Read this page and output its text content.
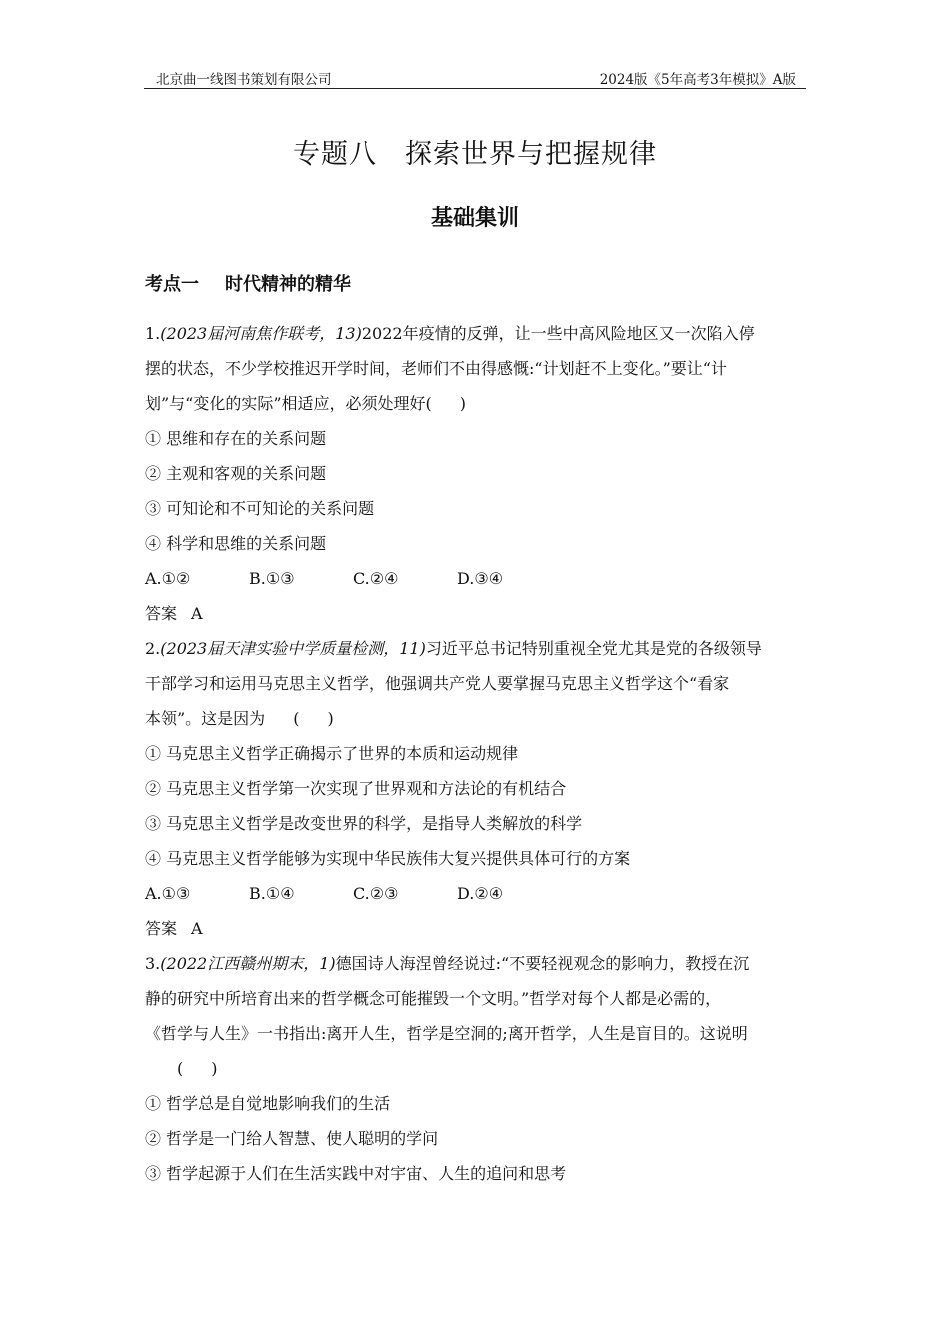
北京曲一线图书策划有限公司	2024版《5年高考3年模拟》A版
专题八　探索世界与把握规律
基础集训
考点一 时代精神的精华
1.(2023届河南焦作联考，13)2022年疫情的反弹，让一些中高风险地区又一次陷入停
摆的状态，不少学校推迟开学时间，老师们不由得感慨:“计划赶不上变化。”要让“计
划”与“变化的实际”相适应，必须处理好( )
① 思维和存在的关系问题
② 主观和客观的关系问题
③ 可知论和不可知论的关系问题
④ 科学和思维的关系问题
A.①②	B.①③	C.②④	D.③④
答案 A
2.(2023届天津实验中学质量检测，11)习近平总书记特别重视全党尤其是党的各级领导
干部学习和运用马克思主义哲学，他强调共产党人要掌握马克思主义哲学这个“看家
本领”。这是因为 ( )
① 马克思主义哲学正确揭示了世界的本质和运动规律
② 马克思主义哲学第一次实现了世界观和方法论的有机结合
③ 马克思主义哲学是改变世界的科学，是指导人类解放的科学
④ 马克思主义哲学能够为实现中华民族伟大复兴提供具体可行的方案
A.①③	B.①④	C.②③	D.②④
答案 A
3.(2022江西赣州期末，1)德国诗人海涅曾经说过:“不要轻视观念的影响力，教授在沉
静的研究中所培育出来的哲学概念可能摧毁一个文明。”哲学对每个人都是必需的，
《哲学与人生》一书指出:离开人生，哲学是空洞的;离开哲学，人生是盲目的。这说明
( )
① 哲学总是自觉地影响我们的生活
② 哲学是一门给人智慧、使人聪明的学问
③ 哲学起源于人们在生活实践中对宇宙、人生的追问和思考
